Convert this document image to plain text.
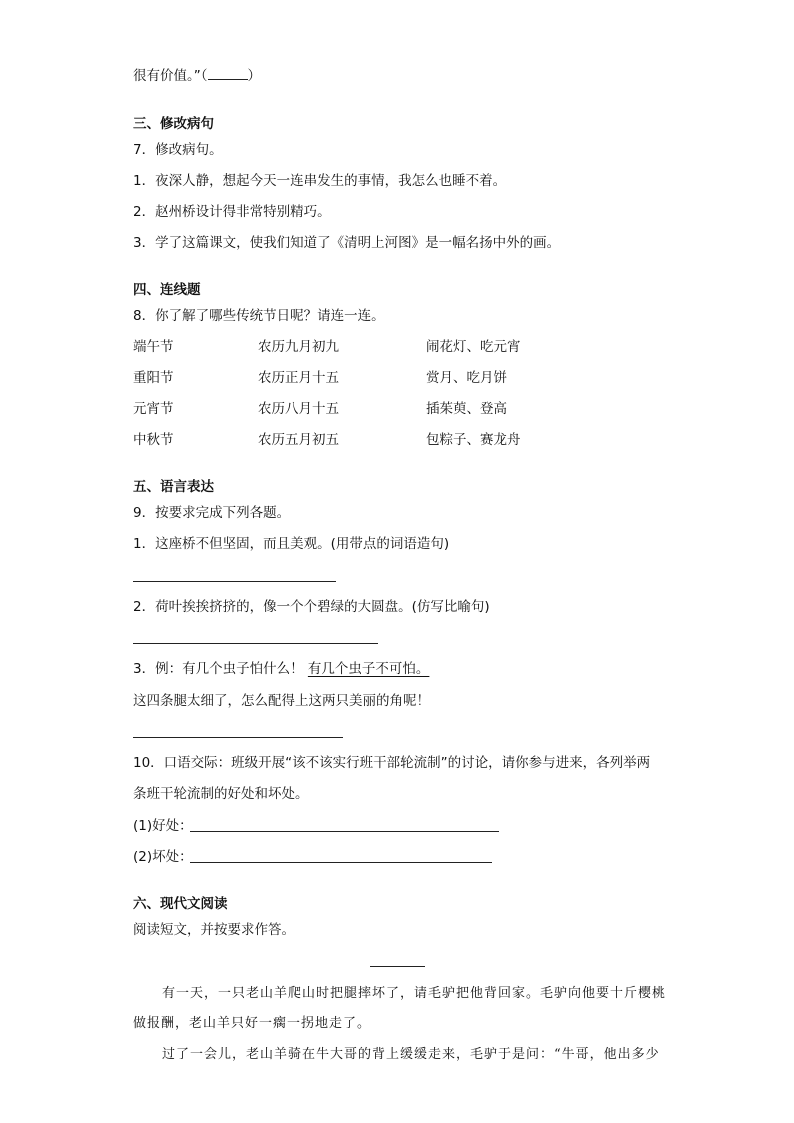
很有价值。”（	）
三、修改病句
7．修改病句。
1．夜深人静，想起今天一连串发生的事情，我怎么也睡不着。
2．赵州桥设计得非常特别精巧。
3．学了这篇课文，使我们知道了《清明上河图》是一幅名扬中外的画。
四、连线题
8．你了解了哪些传统节日呢？请连一连。
端午节
重阳节
元宵节
中秋节
农历九月初九
农历正月十五
农历八月十五
农历五月初五
闹花灯、吃元宵
赏月、吃月饼
插茱萸、登高
包粽子、赛龙舟
五、语言表达
9．按要求完成下列各题。
1．这座桥不但坚固，而且美观。(用带点的词语造句)
2．荷叶挨挨挤挤的，像一个个碧绿的大圆盘。(仿写比喻句)
3．例：有几个虫子怕什么！ 有几个虫子不可怕。
这四条腿太细了，怎么配得上这两只美丽的角呢！
10．口语交际：班级开展“该不该实行班干部轮流制”的讨论，请你参与进来，各列举两
条班干轮流制的好处和坏处。
(1)好处：
(2)坏处：
六、现代文阅读
阅读短文，并按要求作答。
有一天，一只老山羊爬山时把腿摔坏了，请毛驴把他背回家。毛驴向他要十斤樱桃
做报酬，老山羊只好一瘸一拐地走了。
过了一会儿，老山羊骑在牛大哥的背上缓缓走来，毛驴于是问：“牛哥，他出多少
